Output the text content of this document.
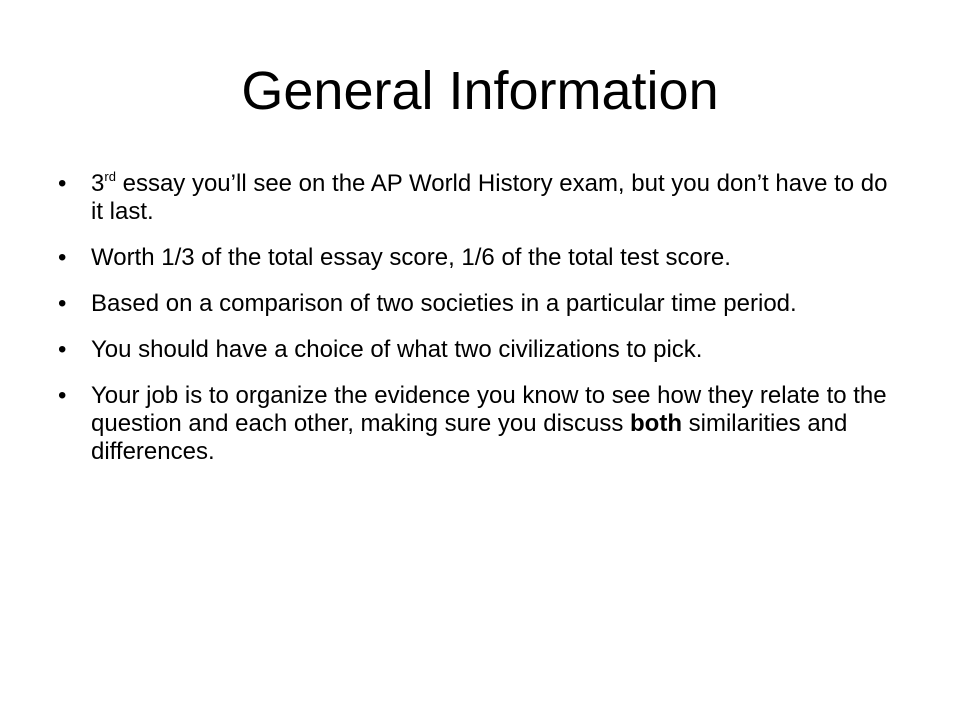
General Information
• 3rd essay you’ll see on the AP World History exam, but you don’t have to do it last.
• Worth 1/3 of the total essay score, 1/6 of the total test score.
• Based on a comparison of two societies in a particular time period.
• You should have a choice of what two civilizations to pick.
• Your job is to organize the evidence you know to see how they relate to the question and each other, making sure you discuss both similarities and differences.
